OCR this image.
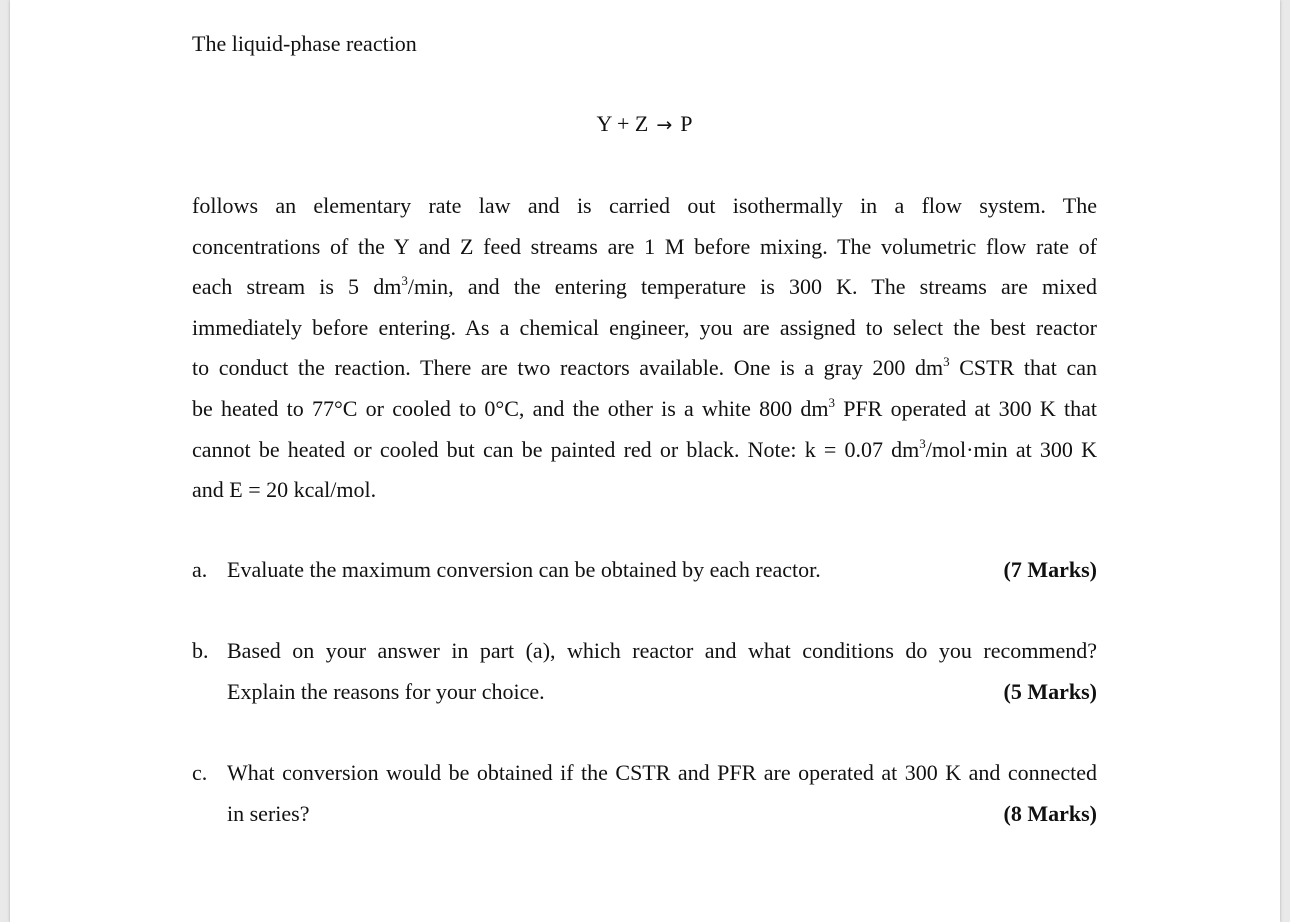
The liquid-phase reaction
Y + Z → P
follows an elementary rate law and is carried out isothermally in a flow system. The
concentrations of the Y and Z feed streams are 1 M before mixing. The volumetric flow rate of
each stream is 5 $dm^3/\min$, and the entering temperature is 300 K. The streams are mixed
immediately before entering. As a chemical engineer, you are assigned to select the best reactor
to conduct the reaction. There are two reactors available. One is a gray 200 $dm^3$ CSTR that can
be heated to 77°C or cooled to 0°C, and the other is a white 800 $dm^3$ PFR operated at 300 K that
cannot be heated or cooled but can be painted red or black. Note: k = 0.07 $dm^3/mol\cdot\min$ at 300 K
and E = 20 kcal/mol.
a. Evaluate the maximum conversion can be obtained by each reactor.	(7 Marks)
b. Based on your answer in part (a), which reactor and what conditions do you recommend?
Explain the reasons for your choice.	(5 Marks)
c. What conversion would be obtained if the CSTR and PFR are operated at 300 K and connected
in series?	(8 Marks)
